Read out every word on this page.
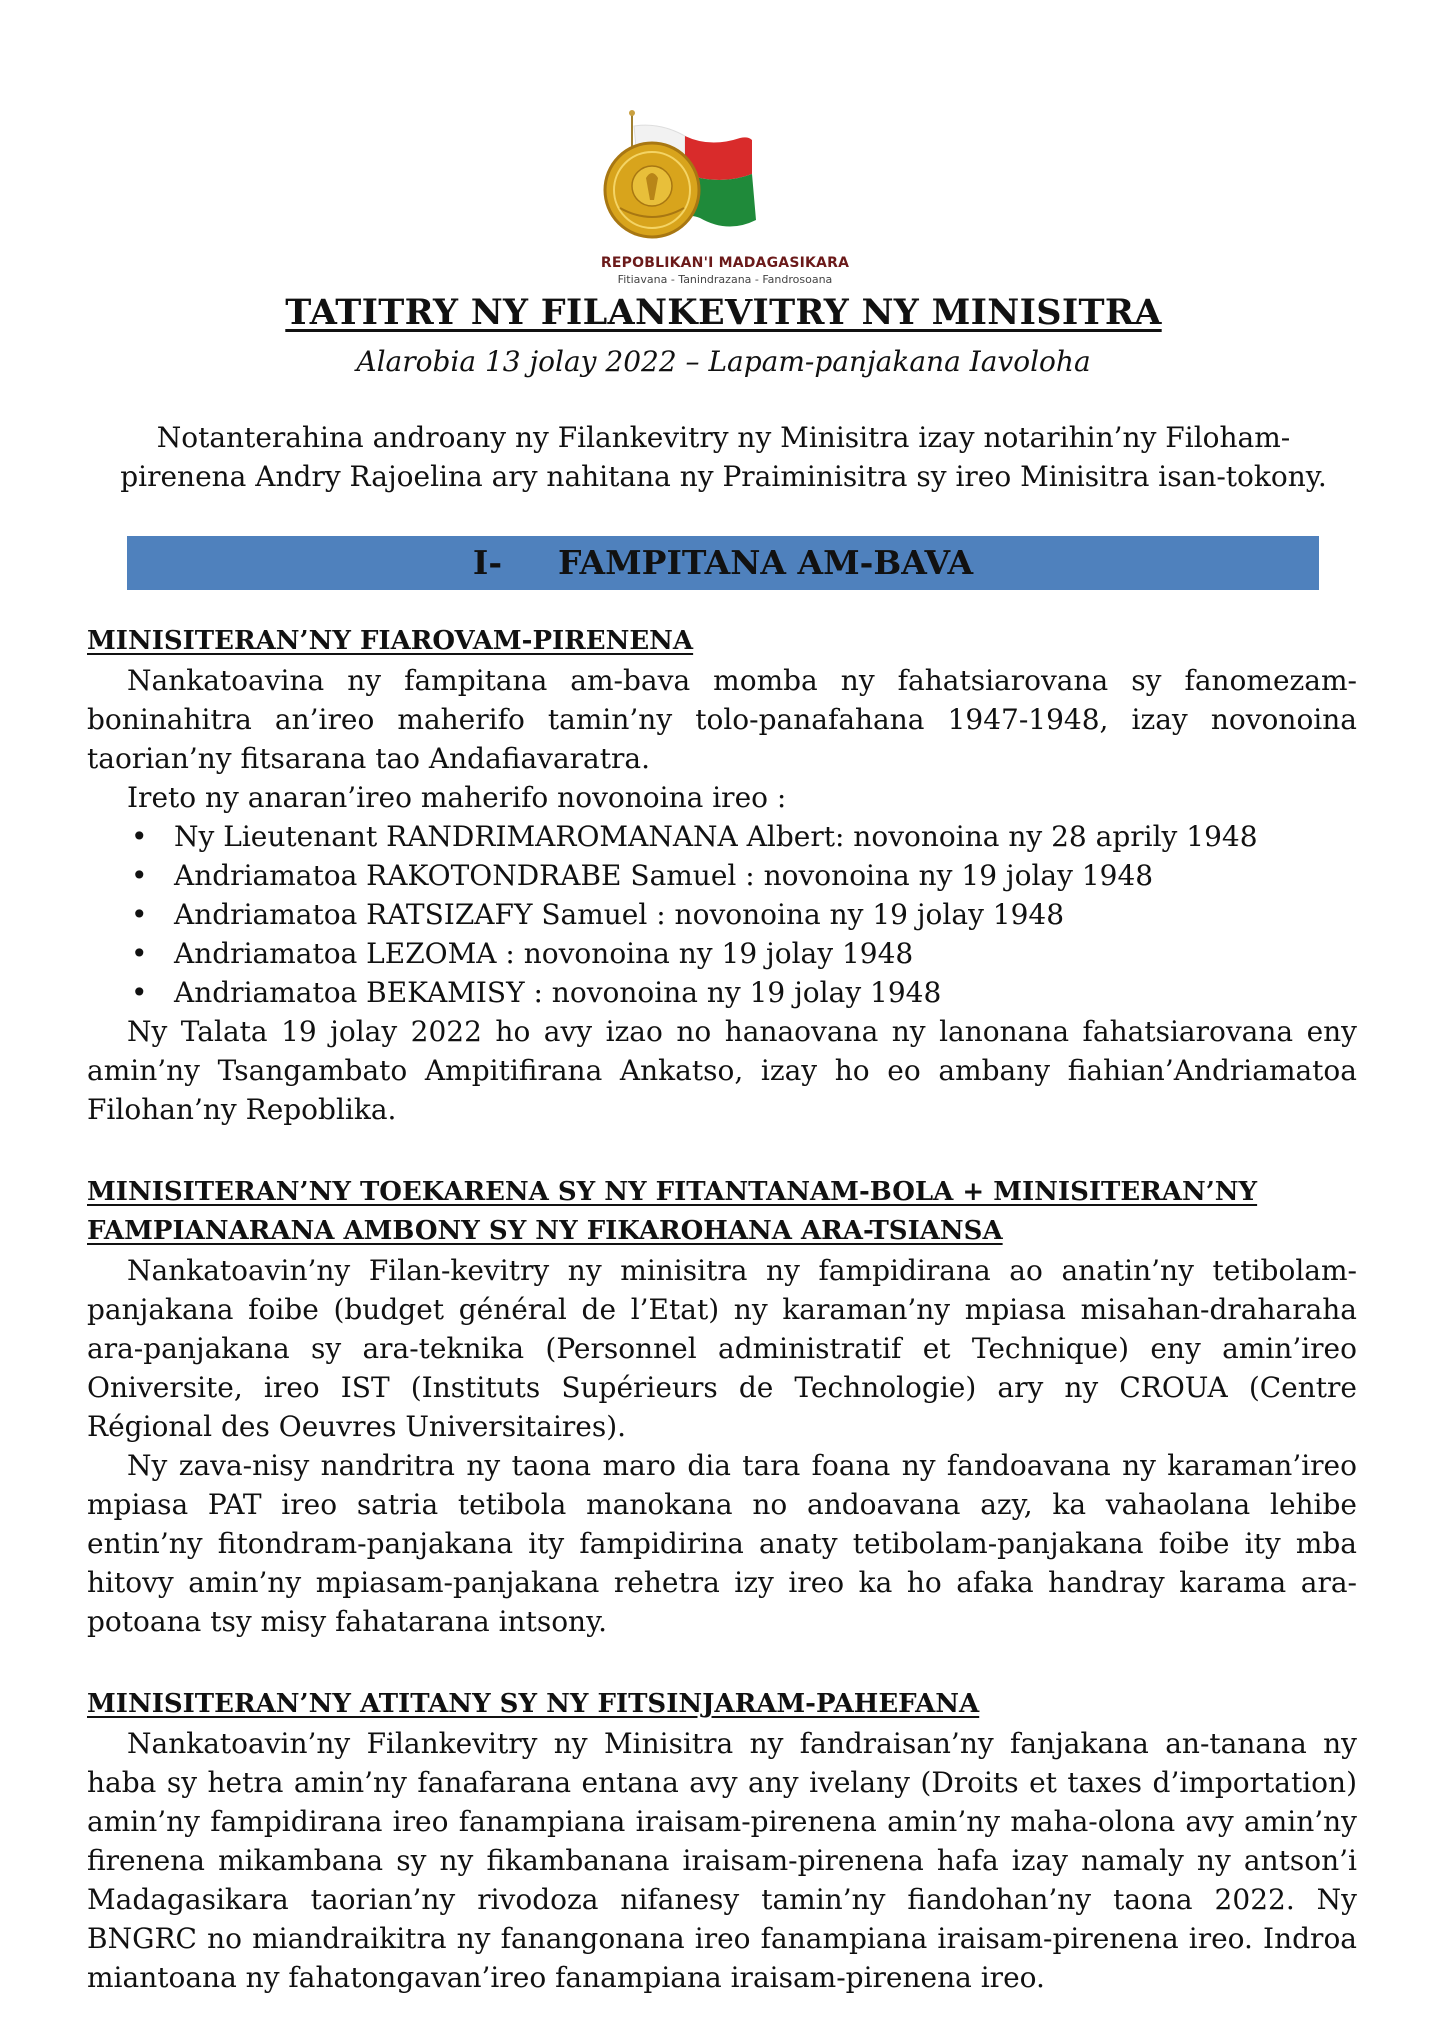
REPOBLIKAN'I MADAGASIKARA
Fitiavana - Tanindrazana - Fandrosoana
TATITRY NY FILANKEVITRY NY MINISITRA
Alarobia 13 jolay 2022 – Lapam-panjakana Iavoloha
Notanterahina androany ny Filankevitry ny Minisitra izay notarihin’ny Filoham-pirenena Andry Rajoelina ary nahitana ny Praiminisitra sy ireo Minisitra isan-tokony.
I- FAMPITANA AM-BAVA
MINISITERAN’NY FIAROVAM-PIRENENA

Nankatoavina ny fampitana am-bava momba ny fahatsiarovana sy fanomezam-boninahitra an’ireo maherifo tamin’ny tolo-panafahana 1947-1948, izay novonoina taorian’ny fitsarana tao Andafiavaratra.

Ireto ny anaran’ireo maherifo novonoina ireo :

• Ny Lieutenant RANDRIMAROMANANA Albert: novonoina ny 28 aprily 1948
• Andriamatoa RAKOTONDRABE Samuel : novonoina ny 19 jolay 1948
• Andriamatoa RATSIZAFY Samuel : novonoina ny 19 jolay 1948
• Andriamatoa LEZOMA : novonoina ny 19 jolay 1948
• Andriamatoa BEKAMISY : novonoina ny 19 jolay 1948

Ny Talata 19 jolay 2022 ho avy izao no hanaovana ny lanonana fahatsiarovana eny amin’ny Tsangambato Ampitifirana Ankatso, izay ho eo ambany fiahian’Andriamatoa Filohan’ny Repoblika.

MINISITERAN’NY TOEKARENA SY NY FITANTANAM-BOLA + MINISITERAN’NY
FAMPIANARANA AMBONY SY NY FIKAROHANA ARA-TSIANSA

Nankatoavin’ny Filan-kevitry ny minisitra ny fampidirana ao anatin’ny tetibolam-panjakana foibe (budget général de l’Etat) ny karaman’ny mpiasa misahan-draharaha ara-panjakana sy ara-teknika (Personnel administratif et Technique) eny amin’ireo Oniversite, ireo IST (Instituts Supérieurs de Technologie) ary ny CROUA (Centre Régional des Oeuvres Universitaires).

Ny zava-nisy nandritra ny taona maro dia tara foana ny fandoavana ny karaman’ireo mpiasa PAT ireo satria tetibola manokana no andoavana azy, ka vahaolana lehibe entin’ny fitondram-panjakana ity fampidirina anaty tetibolam-panjakana foibe ity mba hitovy amin’ny mpiasam-panjakana rehetra izy ireo ka ho afaka handray karama ara-potoana tsy misy fahatarana intsony.

MINISITERAN’NY ATITANY SY NY FITSINJARAM-PAHEFANA

Nankatoavin’ny Filankevitry ny Minisitra ny fandraisan’ny fanjakana an-tanana ny haba sy hetra amin’ny fanafarana entana avy any ivelany (Droits et taxes d’importation) amin’ny fampidirana ireo fanampiana iraisam-pirenena amin’ny maha-olona avy amin’ny firenena mikambana sy ny fikambanana iraisam-pirenena hafa izay namaly ny antson’i Madagasikara taorian’ny rivodoza nifanesy tamin’ny fiandohan’ny taona 2022. Ny BNGRC no miandraikitra ny fanangonana ireo fanampiana iraisam-pirenena ireo. Indroa miantoana ny fahatongavan’ireo fanampiana iraisam-pirenena ireo.
